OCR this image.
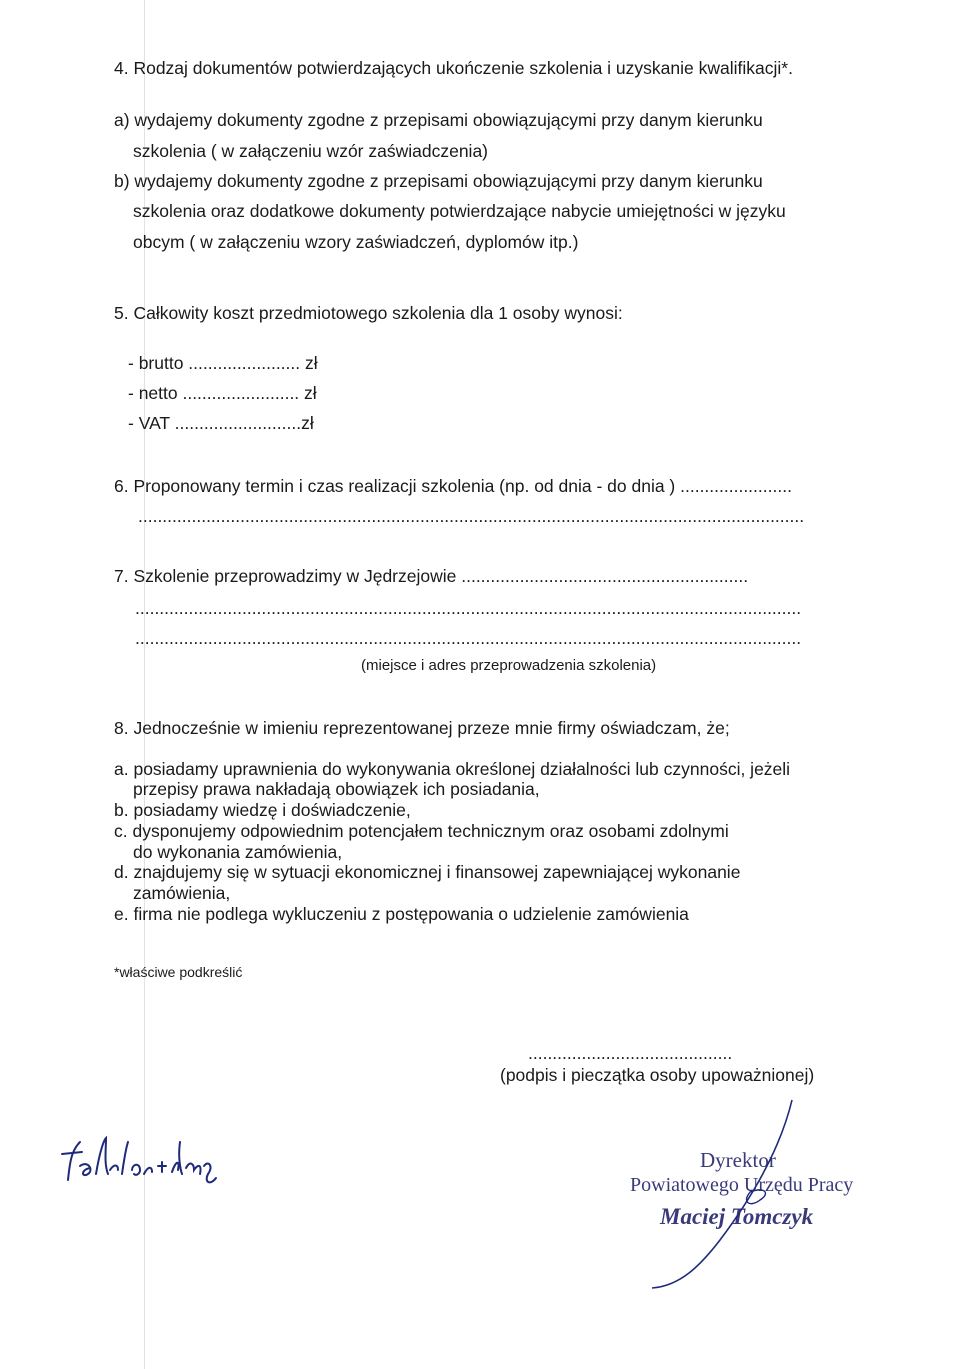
4. Rodzaj dokumentów potwierdzających ukończenie szkolenia i uzyskanie kwalifikacji*.
a) wydajemy dokumenty zgodne z przepisami obowiązującymi przy danym kierunku
szkolenia ( w załączeniu wzór zaświadczenia)
b) wydajemy dokumenty zgodne z przepisami obowiązującymi przy danym kierunku
szkolenia oraz dodatkowe dokumenty potwierdzające nabycie umiejętności w języku
obcym ( w załączeniu wzory zaświadczeń, dyplomów itp.)
5. Całkowity koszt przedmiotowego szkolenia dla 1 osoby wynosi:
- brutto ....................... zł
- netto ........................ zł
- VAT ..........................zł
6. Proponowany termin i czas realizacji szkolenia (np. od dnia - do dnia ) .......................
.........................................................................................................................................
7. Szkolenie przeprowadzimy w Jędrzejowie ...........................................................
.........................................................................................................................................
.........................................................................................................................................
(miejsce i adres przeprowadzenia szkolenia)
8. Jednocześnie w imieniu reprezentowanej przeze mnie firmy oświadczam, że;
a. posiadamy uprawnienia do wykonywania określonej działalności lub czynności, jeżeli
przepisy prawa nakładają obowiązek ich posiadania,
b. posiadamy wiedzę i doświadczenie,
c. dysponujemy odpowiednim potencjałem technicznym oraz osobami zdolnymi
do wykonania zamówienia,
d. znajdujemy się w sytuacji ekonomicznej i finansowej zapewniającej wykonanie
zamówienia,
e. firma nie podlega wykluczeniu z postępowania o udzielenie zamówienia
*właściwe podkreślić
..........................................
(podpis i pieczątka osoby upoważnionej)
Dyrektor
Powiatowego Urzędu Pracy
Maciej Tomczyk
